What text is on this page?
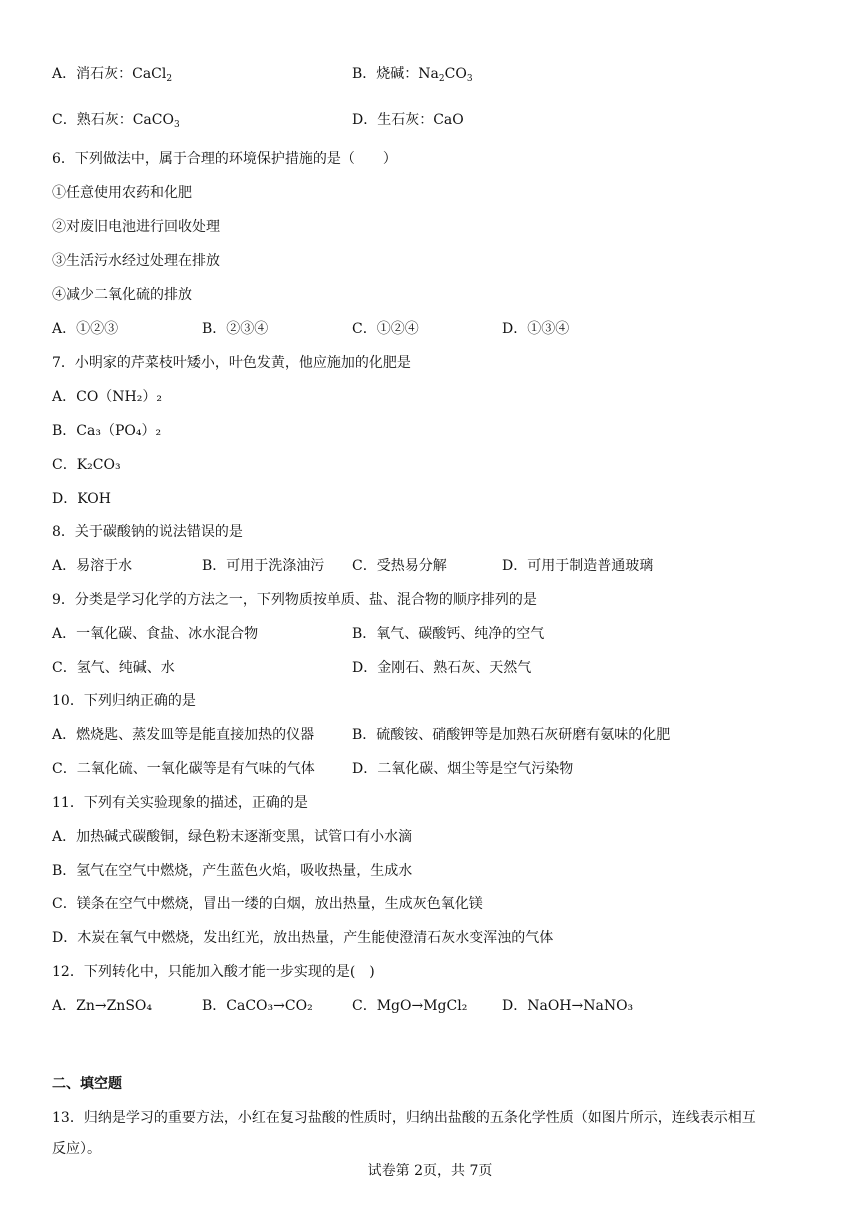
A．消石灰：CaCl$_2$	B．烧碱：$Na_2CO_3$
C．熟石灰：CaCO$_3$	D．生石灰：CaO
6．下列做法中，属于合理的环境保护措施的是（　　）
①任意使用农药和化肥
②对废旧电池进行回收处理
③生活污水经过处理在排放
④减少二氧化硫的排放
A．①②③	B．②③④	C．①②④	D．①③④
7．小明家的芹菜枝叶矮小，叶色发黄，他应施加的化肥是
A．CO（NH₂）₂
B．Ca₃（PO₄）₂
C．K₂CO₃
D．KOH
8．关于碳酸钠的说法错误的是
A．易溶于水	B．可用于洗涤油污 C．受热易分解	D．可用于制造普通玻璃
9．分类是学习化学的方法之一，下列物质按单质、盐、混合物的顺序排列的是
A．一氧化碳、食盐、冰水混合物	B．氧气、碳酸钙、纯净的空气
C．氢气、纯碱、水	D．金刚石、熟石灰、天然气
10．下列归纳正确的是
A．燃烧匙、蒸发皿等是能直接加热的仪器	B．硫酸铵、硝酸钾等是加熟石灰研磨有氨味的化肥
C．二氧化硫、一氧化碳等是有气味的气体	D．二氧化碳、烟尘等是空气污染物
11．下列有关实验现象的描述，正确的是
A．加热碱式碳酸铜，绿色粉末逐渐变黑，试管口有小水滴
B．氢气在空气中燃烧，产生蓝色火焰，吸收热量，生成水
C．镁条在空气中燃烧，冒出一缕的白烟，放出热量，生成灰色氧化镁
D．木炭在氧气中燃烧，发出红光，放出热量，产生能使澄清石灰水变浑浊的气体
12．下列转化中，只能加入酸才能一步实现的是(　)
A．Zn→ZnSO₄	B．CaCO₃→CO₂	C．MgO→MgCl₂ D．NaOH→NaNO₃
二、填空题
13．归纳是学习的重要方法，小红在复习盐酸的性质时，归纳出盐酸的五条化学性质（如图片所示，连线表示相互
反应）。
试卷第 2页，共 7页
